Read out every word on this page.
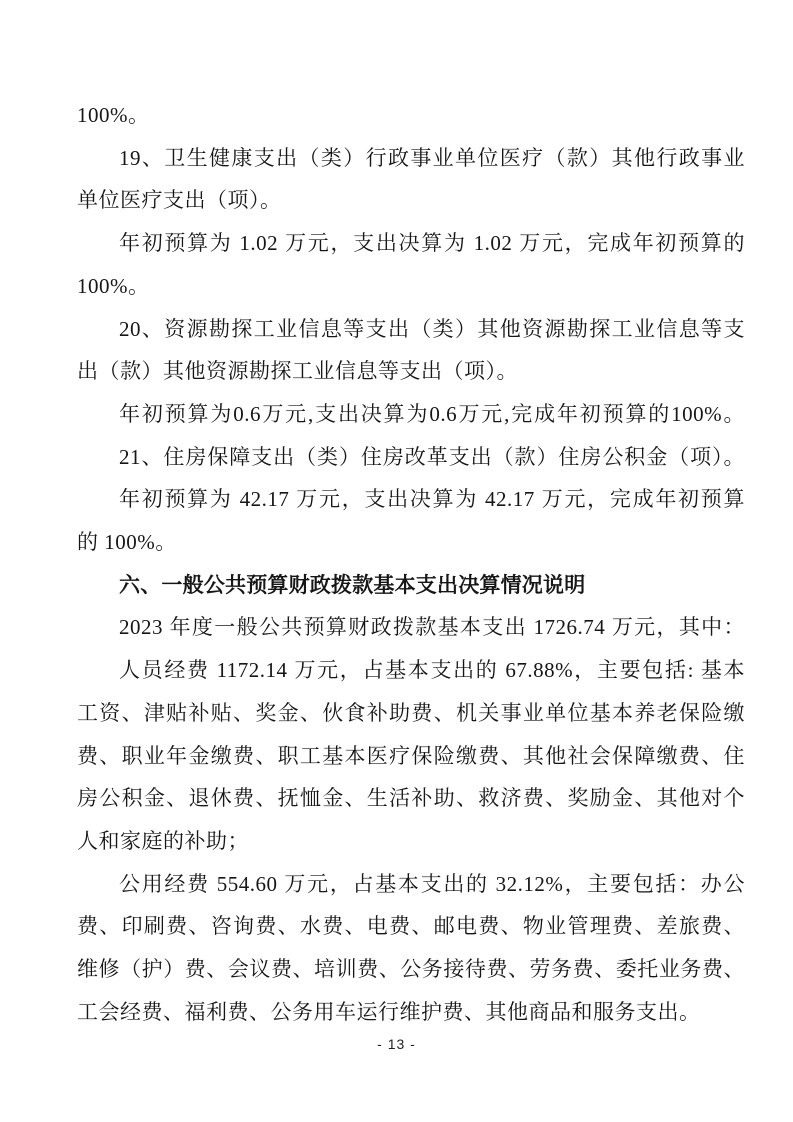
100%。
19、卫生健康支出（类）行政事业单位医疗（款）其他行政事业
单位医疗支出（项）。
年初预算为 1.02 万元，支出决算为 1.02 万元，完成年初预算的
100%。
20、资源勘探工业信息等支出（类）其他资源勘探工业信息等支
出（款）其他资源勘探工业信息等支出（项）。
年初预算为0.6万元,支出决算为0.6万元,完成年初预算的100%。
21、住房保障支出（类）住房改革支出（款）住房公积金（项）。
年初预算为 42.17 万元，支出决算为 42.17 万元，完成年初预算
的 100%。
六、一般公共预算财政拨款基本支出决算情况说明
2023 年度一般公共预算财政拨款基本支出 1726.74 万元，其中：
人员经费 1172.14 万元，占基本支出的 67.88%，主要包括: 基本
工资、津贴补贴、奖金、伙食补助费、机关事业单位基本养老保险缴
费、职业年金缴费、职工基本医疗保险缴费、其他社会保障缴费、住
房公积金、退休费、抚恤金、生活补助、救济费、奖励金、其他对个
人和家庭的补助；
公用经费 554.60 万元，占基本支出的 32.12%，主要包括：办公
费、印刷费、咨询费、水费、电费、邮电费、物业管理费、差旅费、
维修（护）费、会议费、培训费、公务接待费、劳务费、委托业务费、
工会经费、福利费、公务用车运行维护费、其他商品和服务支出。
- 13 -
